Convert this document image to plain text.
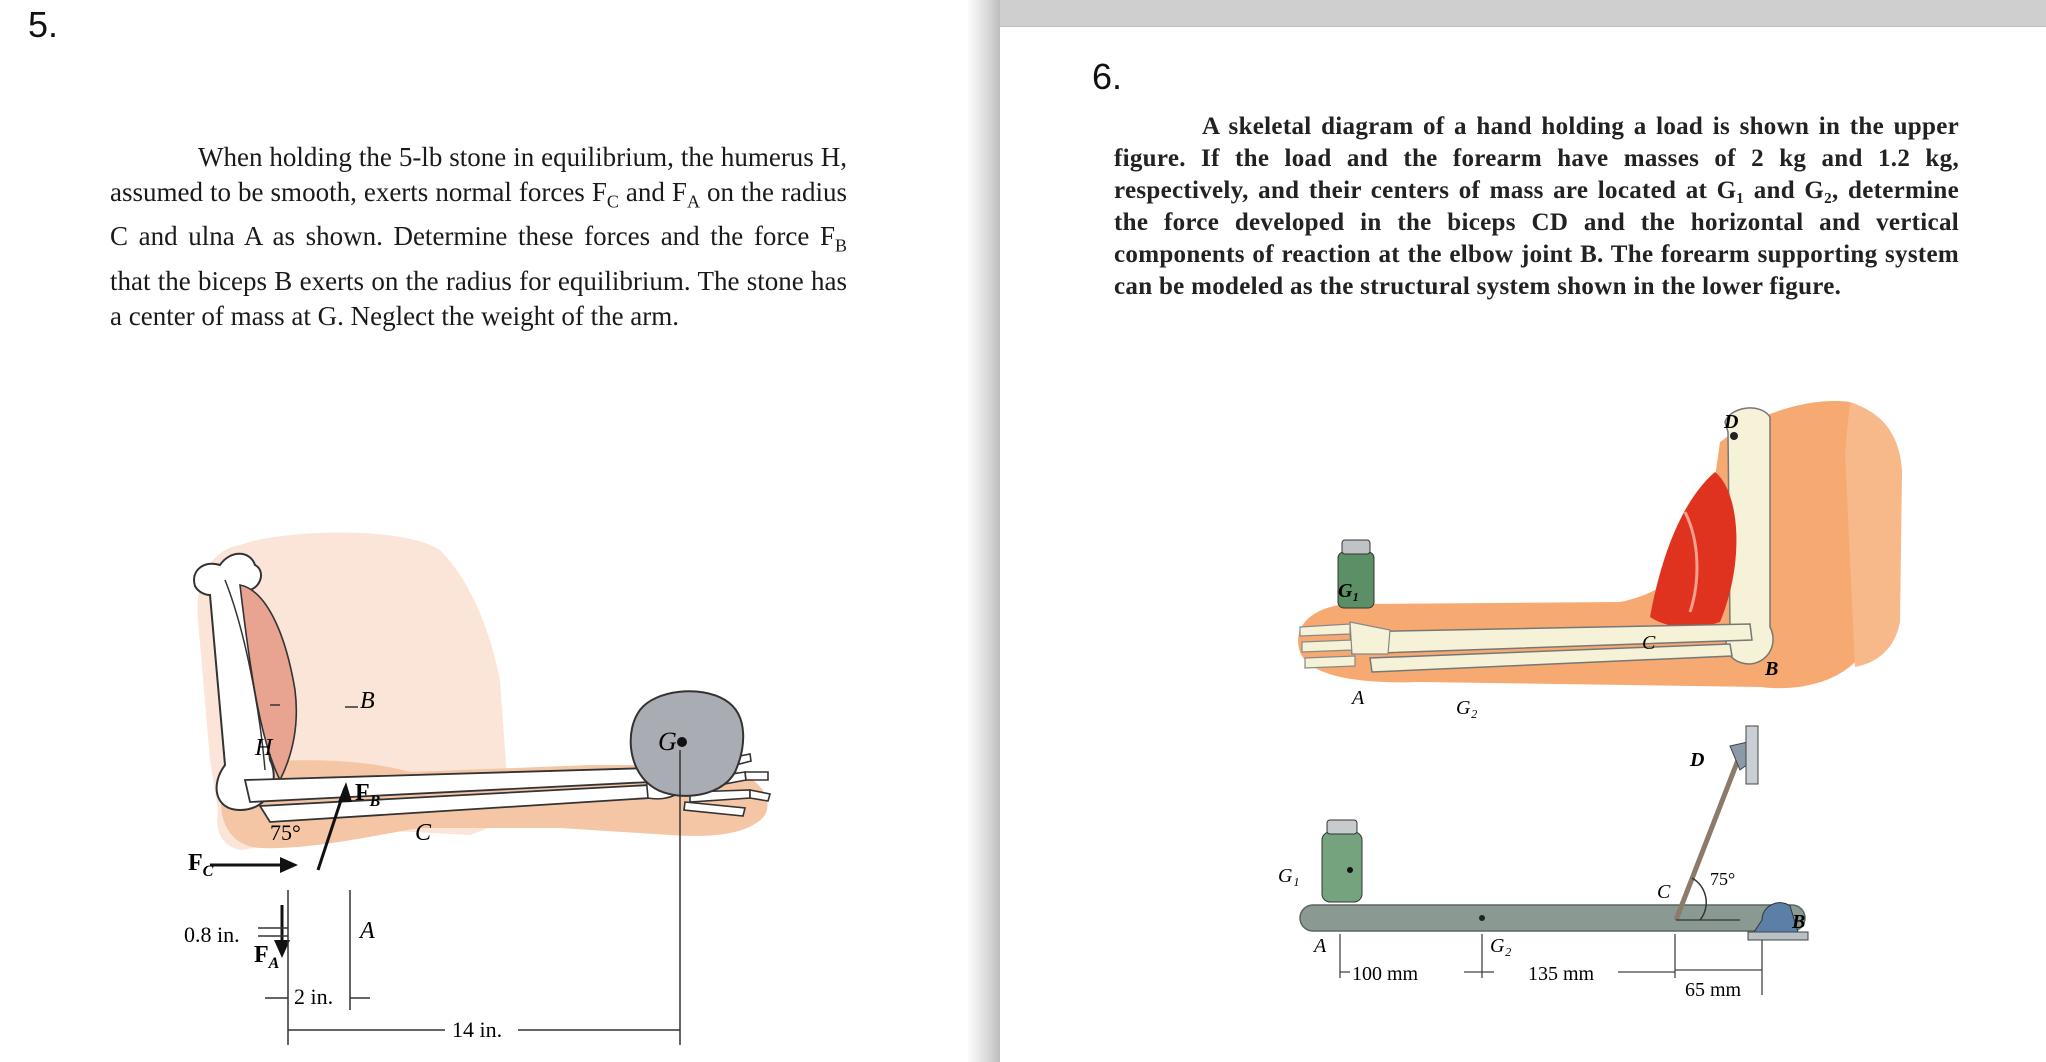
5.

When holding the 5-lb stone in equilibrium, the humerus H, assumed to be smooth, exerts normal forces $F_C$ and $F_A$ on the radius C and ulna A as shown. Determine these forces and the force $F_B$ that the biceps B exerts on the radius for equilibrium. The stone has a center of mass at G. Neglect the weight of the arm.

G
B
H
75°	C
A
$F_B$
$F_C$
$F_A$
0.8 in.
2 in.
14 in.
6.

A skeletal diagram of a hand holding a load is shown in the upper figure. If the load and the forearm have masses of 2 kg and 1.2 kg, respectively, and their centers of mass are located at G₁ and G₂, determine the force developed in the biceps CD and the horizontal and vertical components of reaction at the elbow joint B. The forearm supporting system can be modeled as the structural system shown in the lower figure.

D
G₁
C
B
A	G₂
G₁
D
75°
C
B
A	G₂
100 mm	135 mm
65 mm
